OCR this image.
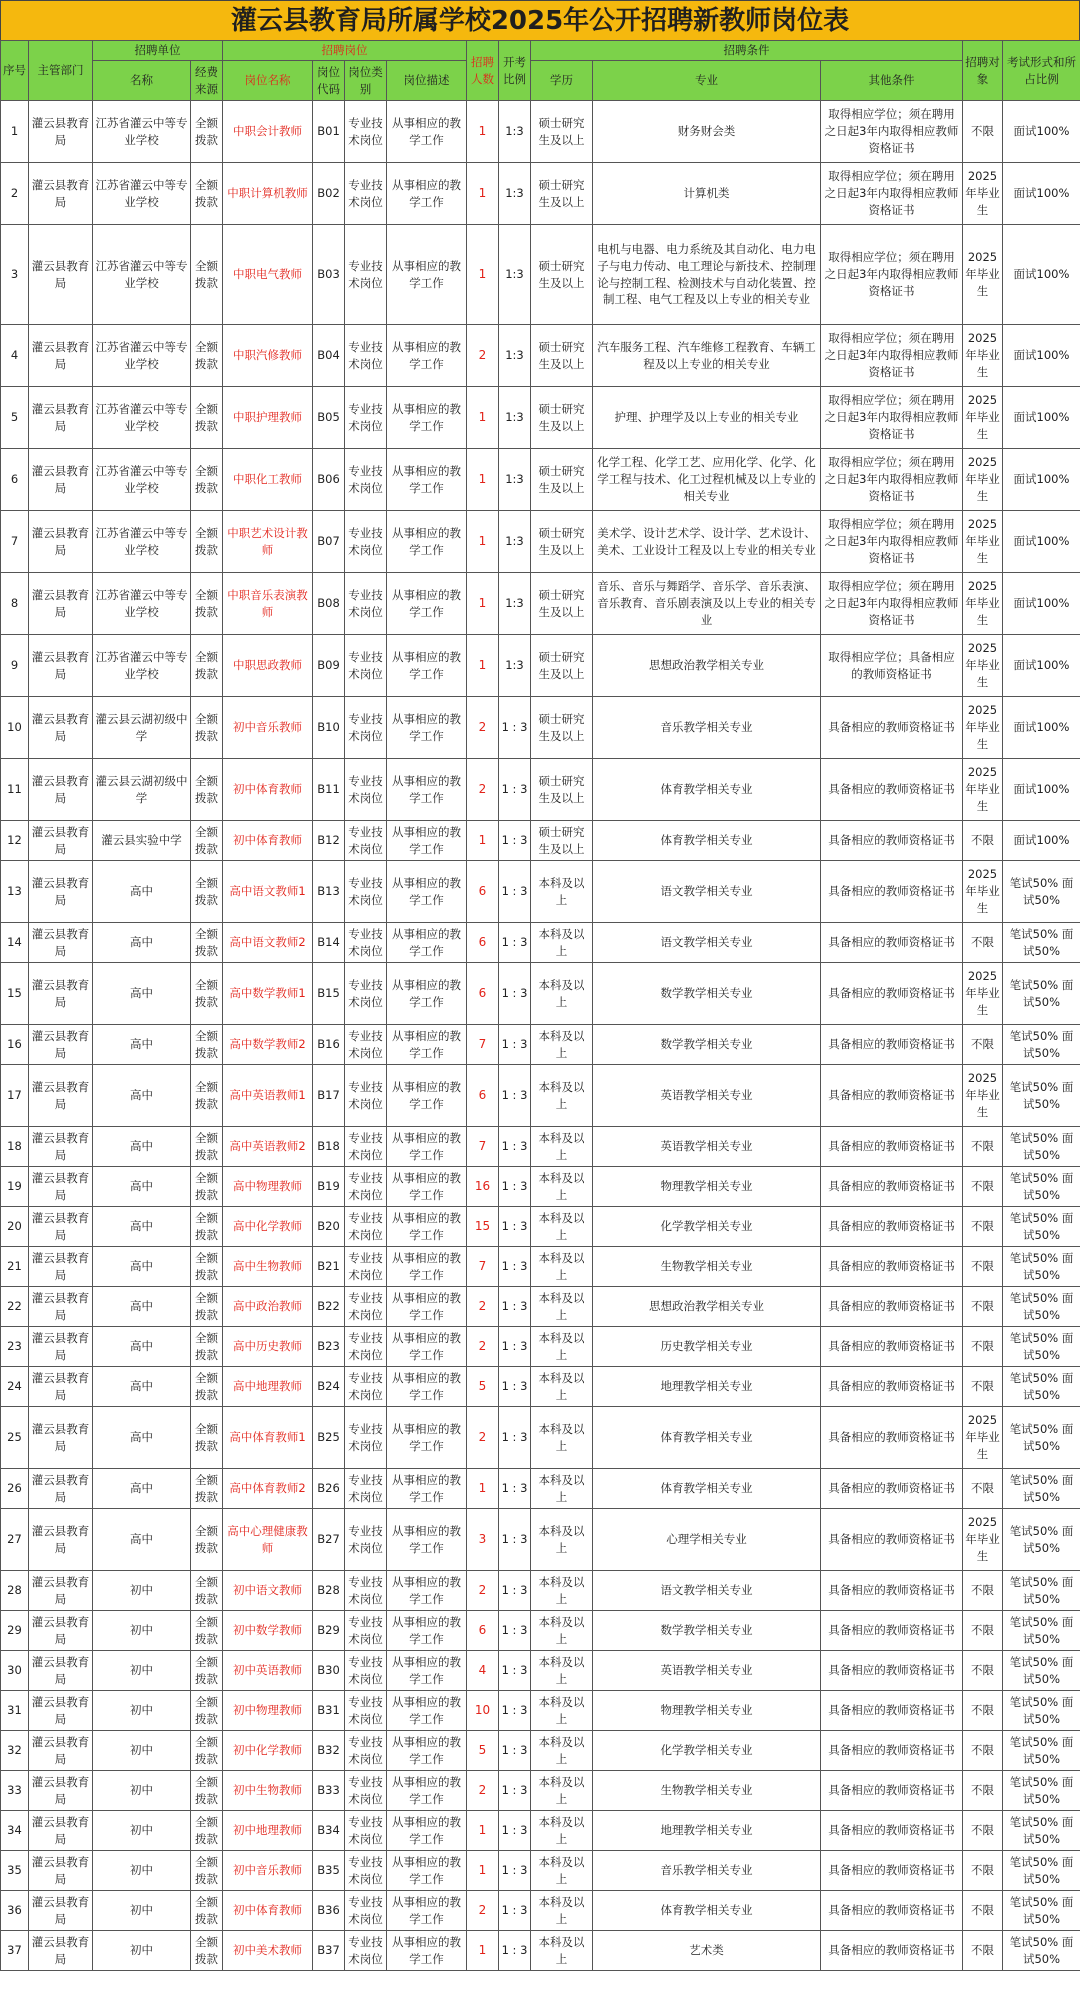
灌云县教育局所属学校2025年公开招聘新教师岗位表
序号	主管部门	招聘单位		招聘岗位				招聘人数	开考比例	招聘条件			招聘对象	考试形式和所占比例
		名称	经费来源	岗位名称	岗位代码	岗位类别	岗位描述			学历	专业	其他条件		
1	灌云县教育局	江苏省灌云中等专业学校	全额拨款	中职会计教师	B01	专业技术岗位	从事相应的教学工作	1	1:3	硕士研究生及以上	财务财会类	取得相应学位；须在聘用之日起3年内取得相应教师资格证书	不限	面试100%
2	灌云县教育局	江苏省灌云中等专业学校	全额拨款	中职计算机教师	B02	专业技术岗位	从事相应的教学工作	1	1:3	硕士研究生及以上	计算机类	取得相应学位；须在聘用之日起3年内取得相应教师资格证书	2025年毕业生	面试100%
3	灌云县教育局	江苏省灌云中等专业学校	全额拨款	中职电气教师	B03	专业技术岗位	从事相应的教学工作	1	1:3	硕士研究生及以上	电机与电器、电力系统及其自动化、电力电子与电力传动、电工理论与新技术、控制理论与控制工程、检测技术与自动化装置、控制工程、电气工程及以上专业的相关专业	取得相应学位；须在聘用之日起3年内取得相应教师资格证书	2025年毕业生	面试100%
4	灌云县教育局	江苏省灌云中等专业学校	全额拨款	中职汽修教师	B04	专业技术岗位	从事相应的教学工作	2	1:3	硕士研究生及以上	汽车服务工程、汽车维修工程教育、车辆工程及以上专业的相关专业	取得相应学位；须在聘用之日起3年内取得相应教师资格证书	2025年毕业生	面试100%
5	灌云县教育局	江苏省灌云中等专业学校	全额拨款	中职护理教师	B05	专业技术岗位	从事相应的教学工作	1	1:3	硕士研究生及以上	护理、护理学及以上专业的相关专业	取得相应学位；须在聘用之日起3年内取得相应教师资格证书	2025年毕业生	面试100%
6	灌云县教育局	江苏省灌云中等专业学校	全额拨款	中职化工教师	B06	专业技术岗位	从事相应的教学工作	1	1:3	硕士研究生及以上	化学工程、化学工艺、应用化学、化学、化学工程与技术、化工过程机械及以上专业的相关专业	取得相应学位；须在聘用之日起3年内取得相应教师资格证书	2025年毕业生	面试100%
7	灌云县教育局	江苏省灌云中等专业学校	全额拨款	中职艺术设计教师	B07	专业技术岗位	从事相应的教学工作	1	1:3	硕士研究生及以上	美术学、设计艺术学、设计学、艺术设计、美术、工业设计工程及以上专业的相关专业	取得相应学位；须在聘用之日起3年内取得相应教师资格证书	2025年毕业生	面试100%
8	灌云县教育局	江苏省灌云中等专业学校	全额拨款	中职音乐表演教师	B08	专业技术岗位	从事相应的教学工作	1	1:3	硕士研究生及以上	音乐、音乐与舞蹈学、音乐学、音乐表演、音乐教育、音乐剧表演及以上专业的相关专业	取得相应学位；须在聘用之日起3年内取得相应教师资格证书	2025年毕业生	面试100%
9	灌云县教育局	江苏省灌云中等专业学校	全额拨款	中职思政教师	B09	专业技术岗位	从事相应的教学工作	1	1:3	硕士研究生及以上	思想政治教学相关专业	取得相应学位；具备相应的教师资格证书	2025年毕业生	面试100%
10	灌云县教育局	灌云县云湖初级中学	全额拨款	初中音乐教师	B10	专业技术岗位	从事相应的教学工作	2	1 : 3	硕士研究生及以上	音乐教学相关专业	具备相应的教师资格证书	2025年毕业生	面试100%
11	灌云县教育局	灌云县云湖初级中学	全额拨款	初中体育教师	B11	专业技术岗位	从事相应的教学工作	2	1 : 3	硕士研究生及以上	体育教学相关专业	具备相应的教师资格证书	2025年毕业生	面试100%
12	灌云县教育局	灌云县实验中学	全额拨款	初中体育教师	B12	专业技术岗位	从事相应的教学工作	1	1 : 3	硕士研究生及以上	体育教学相关专业	具备相应的教师资格证书	不限	面试100%
13	灌云县教育局	高中	全额拨款	高中语文教师1	B13	专业技术岗位	从事相应的教学工作	6	1 : 3	本科及以上	语文教学相关专业	具备相应的教师资格证书	2025年毕业生	笔试50% 面试50%
14	灌云县教育局	高中	全额拨款	高中语文教师2	B14	专业技术岗位	从事相应的教学工作	6	1 : 3	本科及以上	语文教学相关专业	具备相应的教师资格证书	不限	笔试50% 面试50%
15	灌云县教育局	高中	全额拨款	高中数学教师1	B15	专业技术岗位	从事相应的教学工作	6	1 : 3	本科及以上	数学教学相关专业	具备相应的教师资格证书	2025年毕业生	笔试50% 面试50%
16	灌云县教育局	高中	全额拨款	高中数学教师2	B16	专业技术岗位	从事相应的教学工作	7	1 : 3	本科及以上	数学教学相关专业	具备相应的教师资格证书	不限	笔试50% 面试50%
17	灌云县教育局	高中	全额拨款	高中英语教师1	B17	专业技术岗位	从事相应的教学工作	6	1 : 3	本科及以上	英语教学相关专业	具备相应的教师资格证书	2025年毕业生	笔试50% 面试50%
18	灌云县教育局	高中	全额拨款	高中英语教师2	B18	专业技术岗位	从事相应的教学工作	7	1 : 3	本科及以上	英语教学相关专业	具备相应的教师资格证书	不限	笔试50% 面试50%
19	灌云县教育局	高中	全额拨款	高中物理教师	B19	专业技术岗位	从事相应的教学工作	16	1 : 3	本科及以上	物理教学相关专业	具备相应的教师资格证书	不限	笔试50% 面试50%
20	灌云县教育局	高中	全额拨款	高中化学教师	B20	专业技术岗位	从事相应的教学工作	15	1 : 3	本科及以上	化学教学相关专业	具备相应的教师资格证书	不限	笔试50% 面试50%
21	灌云县教育局	高中	全额拨款	高中生物教师	B21	专业技术岗位	从事相应的教学工作	7	1 : 3	本科及以上	生物教学相关专业	具备相应的教师资格证书	不限	笔试50% 面试50%
22	灌云县教育局	高中	全额拨款	高中政治教师	B22	专业技术岗位	从事相应的教学工作	2	1 : 3	本科及以上	思想政治教学相关专业	具备相应的教师资格证书	不限	笔试50% 面试50%
23	灌云县教育局	高中	全额拨款	高中历史教师	B23	专业技术岗位	从事相应的教学工作	2	1 : 3	本科及以上	历史教学相关专业	具备相应的教师资格证书	不限	笔试50% 面试50%
24	灌云县教育局	高中	全额拨款	高中地理教师	B24	专业技术岗位	从事相应的教学工作	5	1 : 3	本科及以上	地理教学相关专业	具备相应的教师资格证书	不限	笔试50% 面试50%
25	灌云县教育局	高中	全额拨款	高中体育教师1	B25	专业技术岗位	从事相应的教学工作	2	1 : 3	本科及以上	体育教学相关专业	具备相应的教师资格证书	2025年毕业生	笔试50% 面试50%
26	灌云县教育局	高中	全额拨款	高中体育教师2	B26	专业技术岗位	从事相应的教学工作	1	1 : 3	本科及以上	体育教学相关专业	具备相应的教师资格证书	不限	笔试50% 面试50%
27	灌云县教育局	高中	全额拨款	高中心理健康教师	B27	专业技术岗位	从事相应的教学工作	3	1 : 3	本科及以上	心理学相关专业	具备相应的教师资格证书	2025年毕业生	笔试50% 面试50%
28	灌云县教育局	初中	全额拨款	初中语文教师	B28	专业技术岗位	从事相应的教学工作	2	1 : 3	本科及以上	语文教学相关专业	具备相应的教师资格证书	不限	笔试50% 面试50%
29	灌云县教育局	初中	全额拨款	初中数学教师	B29	专业技术岗位	从事相应的教学工作	6	1 : 3	本科及以上	数学教学相关专业	具备相应的教师资格证书	不限	笔试50% 面试50%
30	灌云县教育局	初中	全额拨款	初中英语教师	B30	专业技术岗位	从事相应的教学工作	4	1 : 3	本科及以上	英语教学相关专业	具备相应的教师资格证书	不限	笔试50% 面试50%
31	灌云县教育局	初中	全额拨款	初中物理教师	B31	专业技术岗位	从事相应的教学工作	10	1 : 3	本科及以上	物理教学相关专业	具备相应的教师资格证书	不限	笔试50% 面试50%
32	灌云县教育局	初中	全额拨款	初中化学教师	B32	专业技术岗位	从事相应的教学工作	5	1 : 3	本科及以上	化学教学相关专业	具备相应的教师资格证书	不限	笔试50% 面试50%
33	灌云县教育局	初中	全额拨款	初中生物教师	B33	专业技术岗位	从事相应的教学工作	2	1 : 3	本科及以上	生物教学相关专业	具备相应的教师资格证书	不限	笔试50% 面试50%
34	灌云县教育局	初中	全额拨款	初中地理教师	B34	专业技术岗位	从事相应的教学工作	1	1 : 3	本科及以上	地理教学相关专业	具备相应的教师资格证书	不限	笔试50% 面试50%
35	灌云县教育局	初中	全额拨款	初中音乐教师	B35	专业技术岗位	从事相应的教学工作	1	1 : 3	本科及以上	音乐教学相关专业	具备相应的教师资格证书	不限	笔试50% 面试50%
36	灌云县教育局	初中	全额拨款	初中体育教师	B36	专业技术岗位	从事相应的教学工作	2	1 : 3	本科及以上	体育教学相关专业	具备相应的教师资格证书	不限	笔试50% 面试50%
37	灌云县教育局	初中	全额拨款	初中美术教师	B37	专业技术岗位	从事相应的教学工作	1	1 : 3	本科及以上	艺术类	具备相应的教师资格证书	不限	笔试50% 面试50%
